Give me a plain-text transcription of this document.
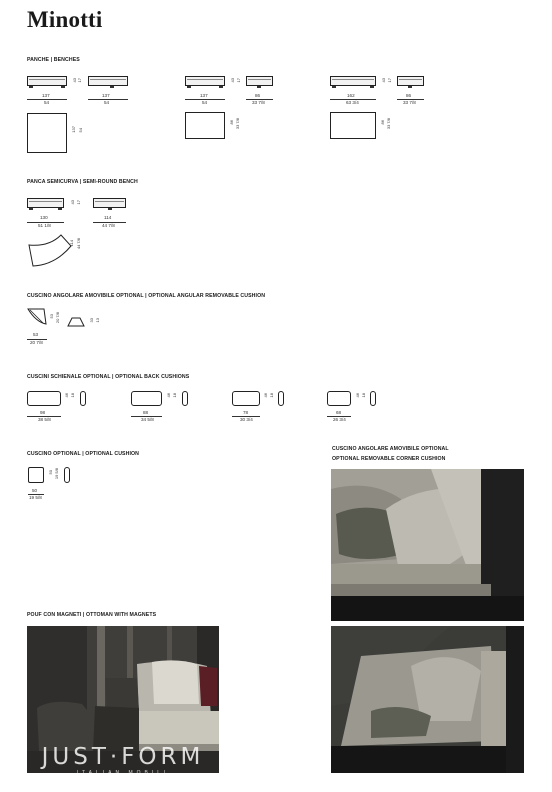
Minotti
PANCHE | BENCHES
43 17
137
54
137
54
137 54
43 17
137
54
86
33 7/8
86 33 7/8
43 17
162
63 3/4
86
33 7/8
86 33 7/8
PANCA SEMICURVA | SEMI-ROUND BENCH
43 17
130
51 1/8
114
44 7/8
114 44 7/8
CUSCINO ANGOLARE AMOVIBILE OPTIONAL | OPTIONAL ANGULAR REMOVABLE CUSHION
53 20 7/8	33 13
53
20 7/8
CUSCINI SCHIENALE OPTIONAL | OPTIONAL BACK CUSHIONS
46 18
98
38 5/8
46 18
88
34 5/8
46 18
78
30 3/4
46 18
68
26 3/4
CUSCINO OPTIONAL | OPTIONAL CUSHION
50 19 5/8
50
19 5/8
CUSCINO ANGOLARE AMOVIBILE OPTIONAL
OPTIONAL REMOVABLE CORNER CUSHION
POUF CON MAGNETI | OTTOMAN WITH MAGNETS
JUST·FORM
ITALIAN MOBILI
